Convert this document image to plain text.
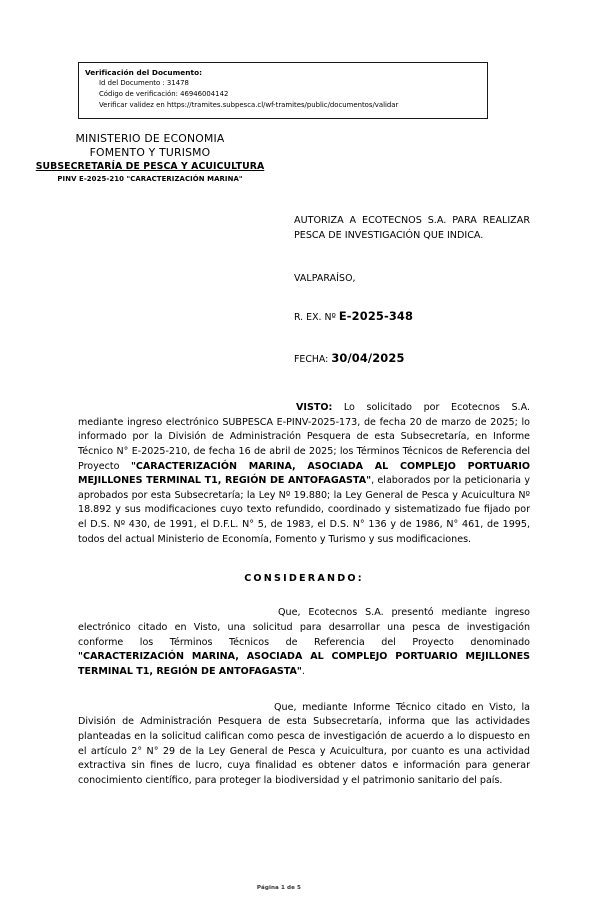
Verificación del Documento:
Id del Documento : 31478
Código de verificación: 46946004142
Verificar validez en https://tramites.subpesca.cl/wf-tramites/public/documentos/validar
MINISTERIO DE ECONOMIA
FOMENTO Y TURISMO
SUBSECRETARÍA DE PESCA Y ACUICULTURA
PINV E-2025-210 "CARACTERIZACIÓN MARINA"
AUTORIZA A ECOTECNOS S.A. PARA REALIZAR PESCA DE INVESTIGACIÓN QUE INDICA.
VALPARAÍSO,
R. EX. Nº E-2025-348
FECHA: 30/04/2025

VISTO: Lo solicitado por Ecotecnos S.A. mediante ingreso electrónico SUBPESCA E-PINV-2025-173, de fecha 20 de marzo de 2025; lo informado por la División de Administración Pesquera de esta Subsecretaría, en Informe Técnico N° E-2025-210, de fecha 16 de abril de 2025; los Términos Técnicos de Referencia del Proyecto "CARACTERIZACIÓN MARINA, ASOCIADA AL COMPLEJO PORTUARIO MEJILLONES TERMINAL T1, REGIÓN DE ANTOFAGASTA", elaborados por la peticionaria y aprobados por esta Subsecretaría; la Ley Nº 19.880; la Ley General de Pesca y Acuicultura Nº 18.892 y sus modificaciones cuyo texto refundido, coordinado y sistematizado fue fijado por el D.S. Nº 430, de 1991, el D.F.L. N° 5, de 1983, el D.S. N° 136 y de 1986, N° 461, de 1995, todos del actual Ministerio de Economía, Fomento y Turismo y sus modificaciones.

CONSIDERANDO:

Que, Ecotecnos S.A. presentó mediante ingreso electrónico citado en Visto, una solicitud para desarrollar una pesca de investigación conforme los Términos Técnicos de Referencia del Proyecto denominado "CARACTERIZACIÓN MARINA, ASOCIADA AL COMPLEJO PORTUARIO MEJILLONES TERMINAL T1, REGIÓN DE ANTOFAGASTA".

Que, mediante Informe Técnico citado en Visto, la División de Administración Pesquera de esta Subsecretaría, informa que las actividades planteadas en la solicitud califican como pesca de investigación de acuerdo a lo dispuesto en el artículo 2° N° 29 de la Ley General de Pesca y Acuicultura, por cuanto es una actividad extractiva sin fines de lucro, cuya finalidad es obtener datos e información para generar conocimiento científico, para proteger la biodiversidad y el patrimonio sanitario del país.

Página 1 de 5
